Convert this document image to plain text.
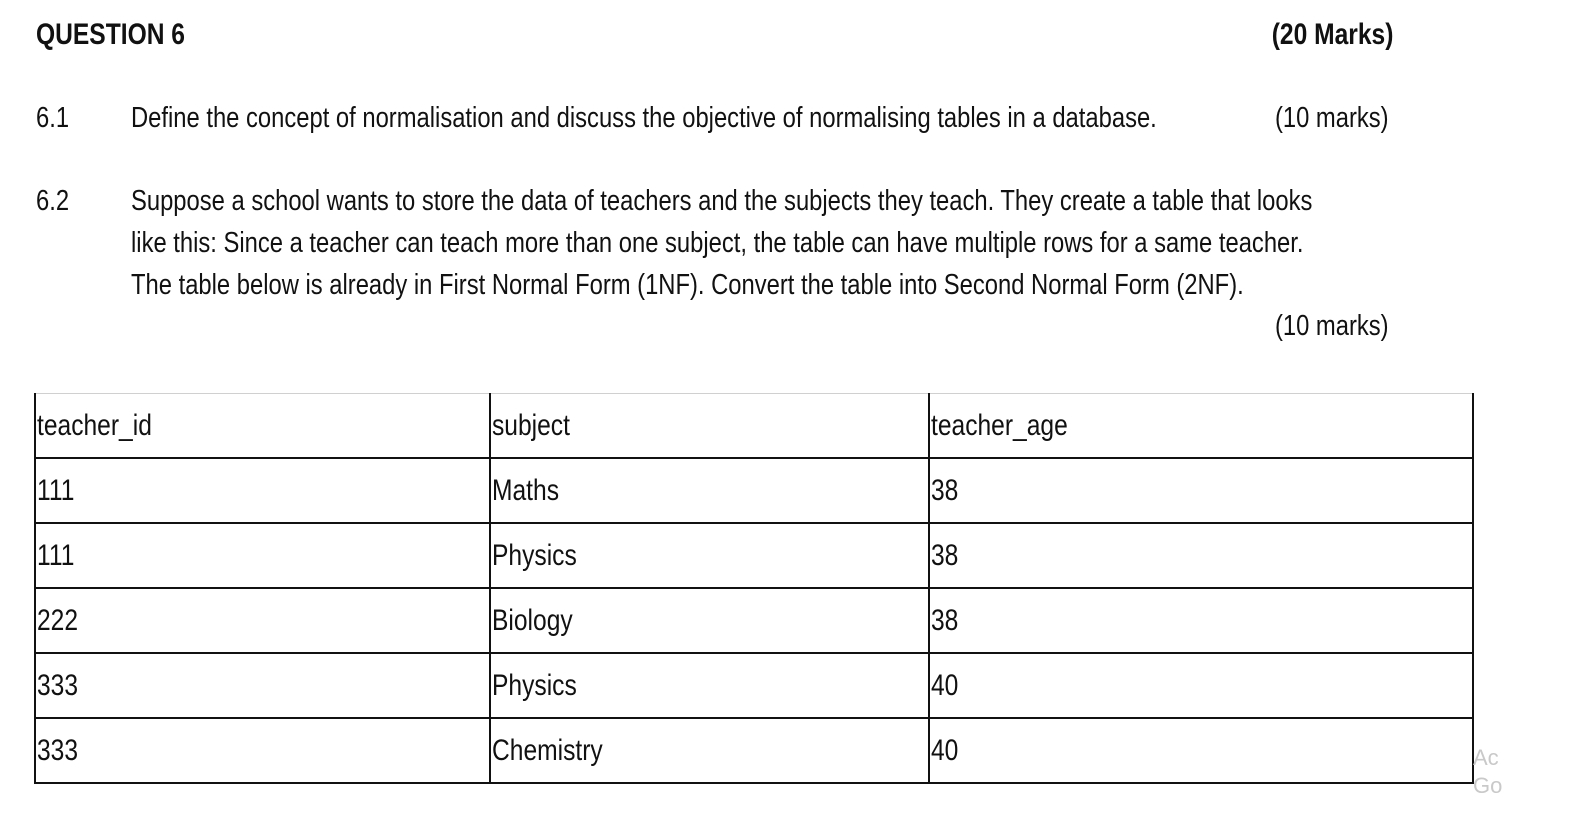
QUESTION 6	(20 Marks)
6.1 Define the concept of normalisation and discuss the objective of normalising tables in a database.	(10 marks)
6.2 Suppose a school wants to store the data of teachers and the subjects they teach. They create a table that looks
like this: Since a teacher can teach more than one subject, the table can have multiple rows for a same teacher.
The table below is already in First Normal Form (1NF). Convert the table into Second Normal Form (2NF).
(10 marks)
teacher_id	subject	teacher_age
111	Maths	38
111	Physics	38
222	Biology	38
333	Physics	40
333	Chemistry	40	Ac
Go
